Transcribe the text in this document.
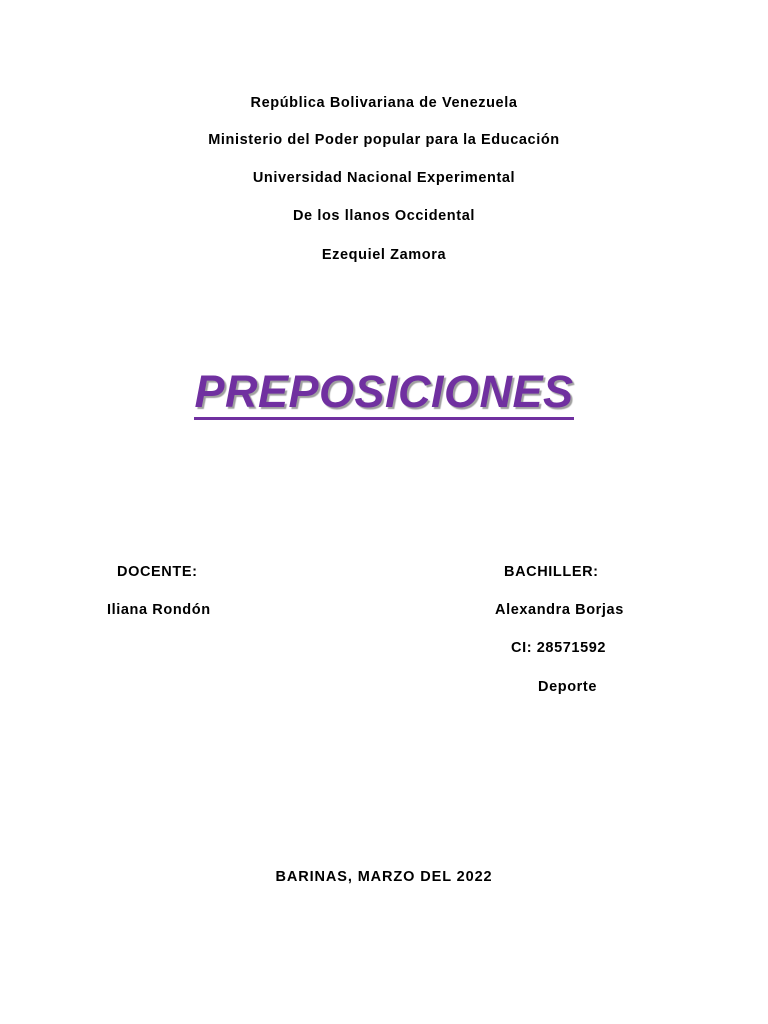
República Bolivariana de Venezuela
Ministerio del Poder popular para la Educación
Universidad Nacional Experimental
De los llanos Occidental
Ezequiel Zamora
PREPOSICIONES
DOCENTE:
Iliana Rondón
BACHILLER:
Alexandra Borjas
CI: 28571592
Deporte
BARINAS, MARZO DEL 2022
